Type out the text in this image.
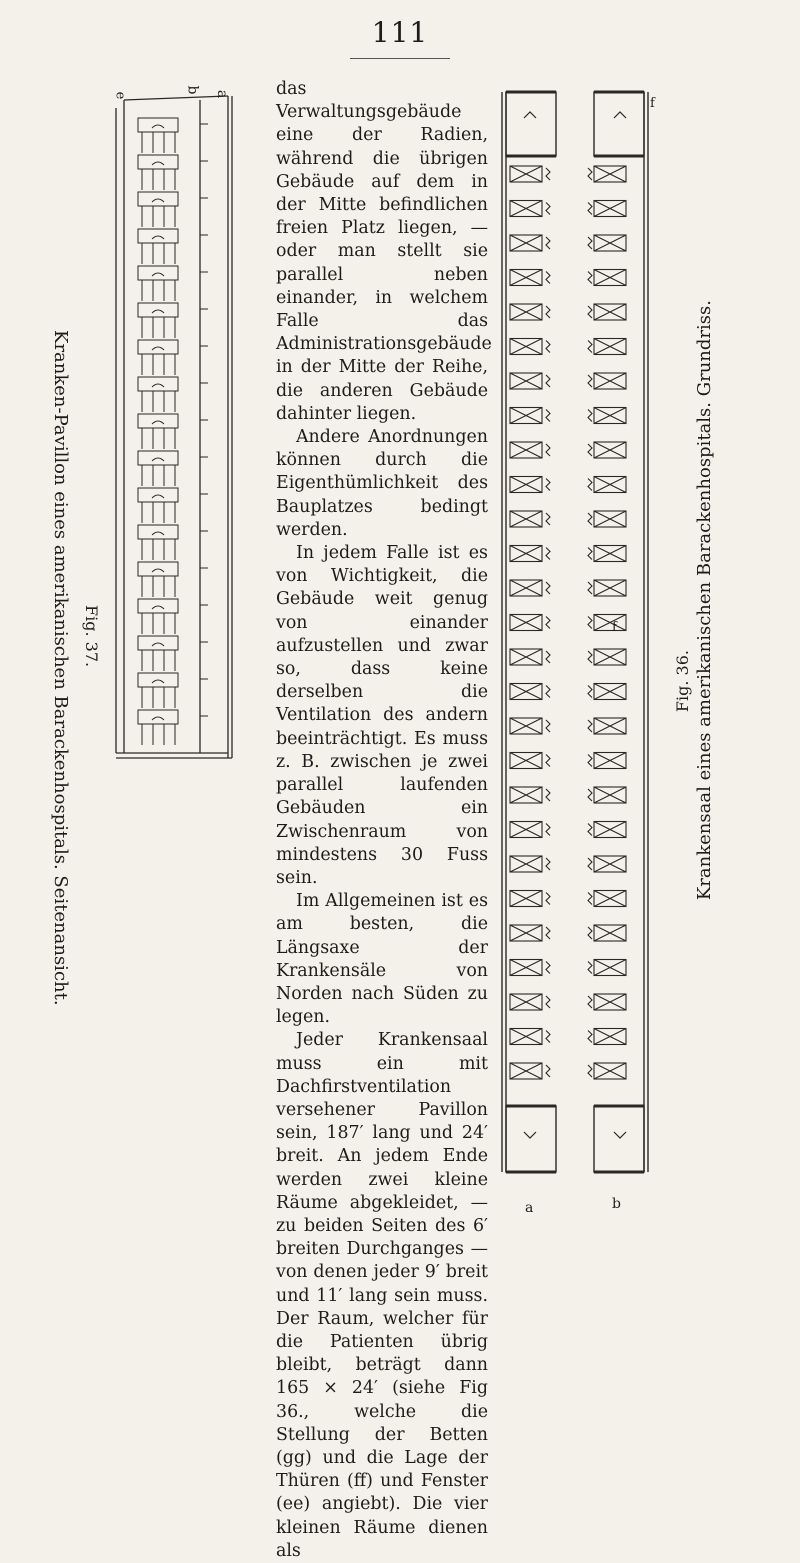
111
b a
e
Kranken-Pavillon eines amerikanischen Barackenhospitals. Seitenansicht. Fig. 37.

das Verwaltungsgebäude eine der Radien, während die übrigen Gebäude auf dem in der Mitte befindlichen freien Platz liegen, — oder man stellt sie parallel neben einander, in welchem Falle das Administrationsgebäude in der Mitte der Reihe, die anderen Gebäude dahinter liegen.

Andere Anordnungen können durch die Eigenthümlichkeit des Bauplatzes bedingt werden.

In jedem Falle ist es von Wichtigkeit, die Gebäude weit genug von einander aufzustellen und zwar so, dass keine derselben die Ventilation des andern beeinträchtigt. Es muss z. B. zwischen je zwei parallel laufenden Gebäuden ein Zwischenraum von mindestens 30 Fuss sein.

Im Allgemeinen ist es am besten, die Längsaxe der Krankensäle von Norden nach Süden zu legen.

Jeder Krankensaal muss ein mit Dachfirstventilation versehener Pavillon sein, 187′ lang und 24′ breit. An jedem Ende werden zwei kleine Räume abgekleidet, — zu beiden Seiten des 6′ breiten Durchganges — von denen jeder 9′ breit und 11′ lang sein muss. Der Raum, welcher für die Patienten übrig bleibt, beträgt dann 165 × 24′ (siehe Fig 36., welche die Stellung der Betten (gg) und die Lage der Thüren (ff) und Fenster (ee) angiebt). Die vier kleinen Räume dienen als

f
f
a	b
Fig. 36. Krankensaal eines amerikanischen Barackenhospitals. Grundriss.
